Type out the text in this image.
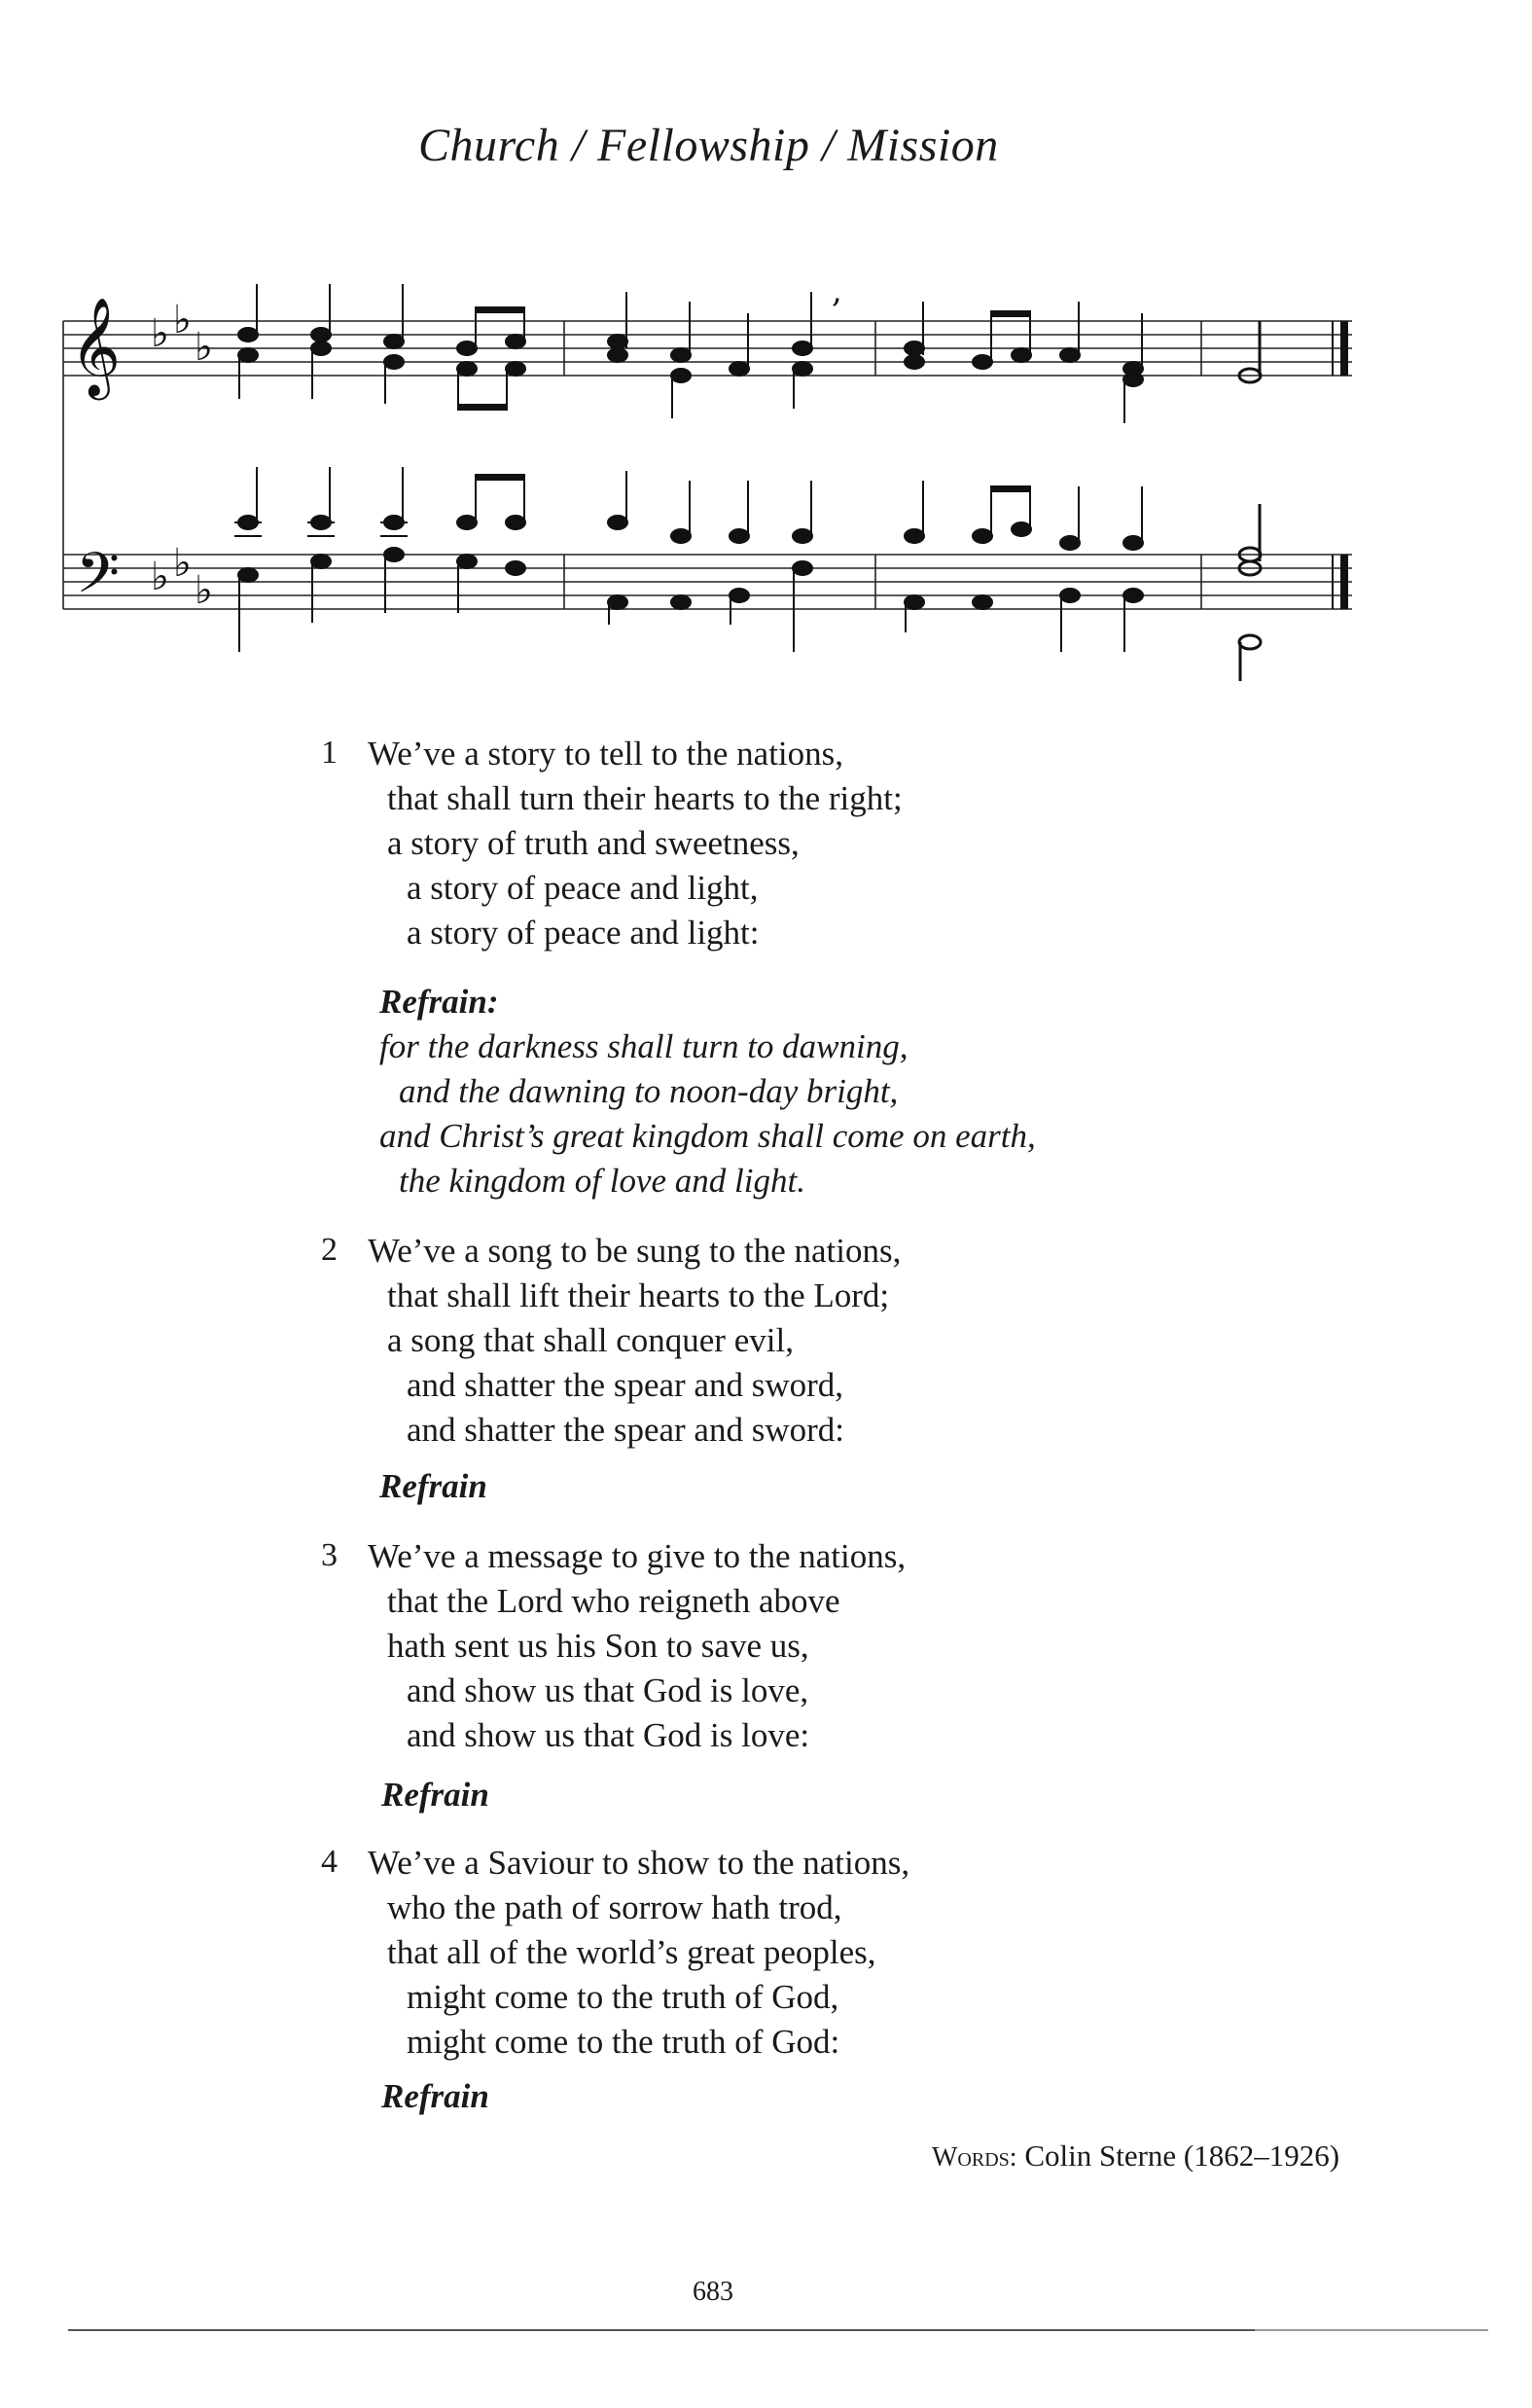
Church / Fellowship / Mission
𝄞
𝄢
♭ ♭
♭
♭ ♭
♭
,
1 We’ve a story to tell to the nations,
that shall turn their hearts to the right;
a story of truth and sweetness,
a story of peace and light,
a story of peace and light:
Refrain:
for the darkness shall turn to dawning,
and the dawning to noon-day bright,
and Christ’s great kingdom shall come on earth,
the kingdom of love and light.
2 We’ve a song to be sung to the nations,
that shall lift their hearts to the Lord;
a song that shall conquer evil,
and shatter the spear and sword,
and shatter the spear and sword:
Refrain
3 We’ve a message to give to the nations,
that the Lord who reigneth above
hath sent us his Son to save us,
and show us that God is love,
and show us that God is love:
Refrain
4 We’ve a Saviour to show to the nations,
who the path of sorrow hath trod,
that all of the world’s great peoples,
might come to the truth of God,
might come to the truth of God:
Refrain
Words: Colin Sterne (1862–1926)
683
